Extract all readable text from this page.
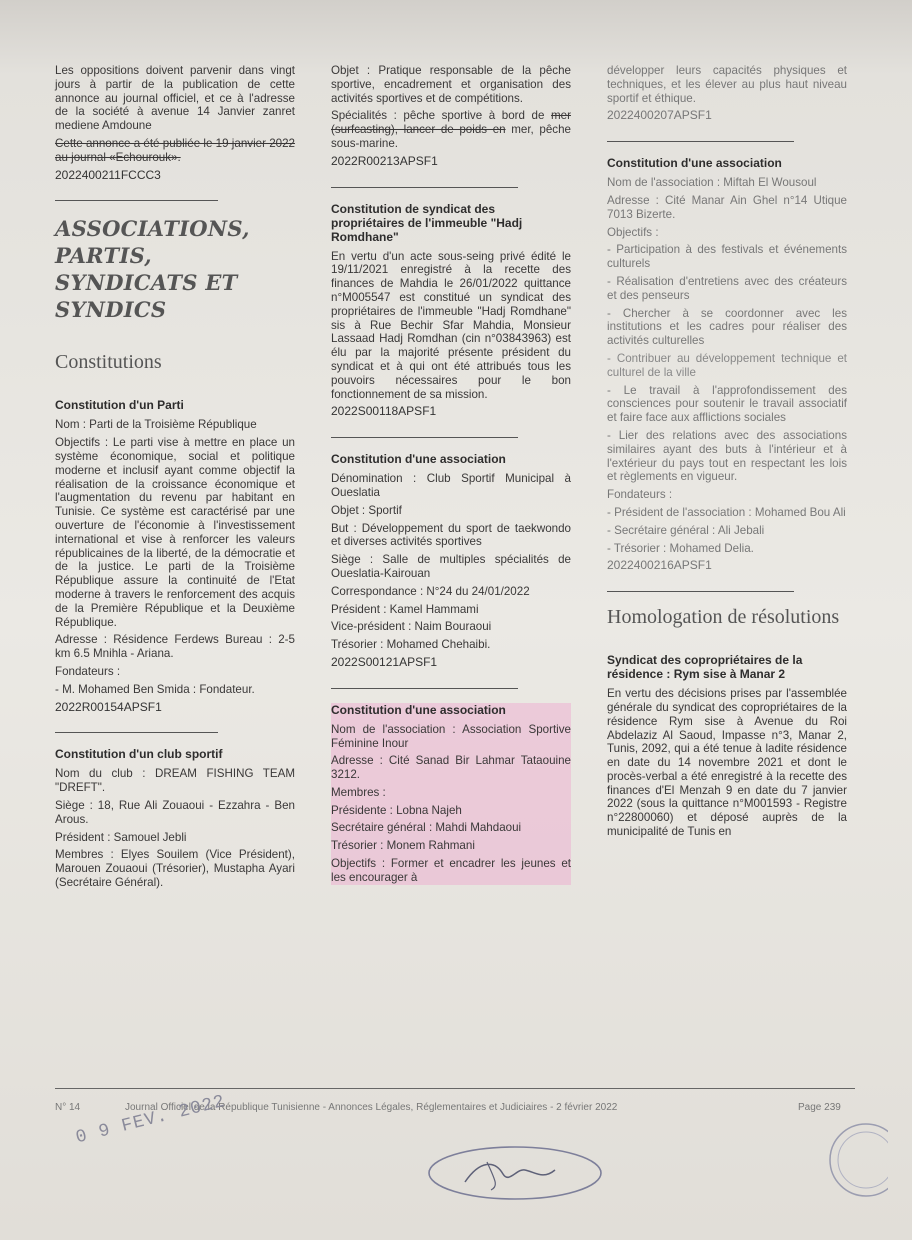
Les oppositions doivent parvenir dans vingt jours à partir de la publication de cette annonce au journal officiel, et ce à l'adresse de la société à avenue 14 Janvier zanret mediene Amdoune

Cette annonce a été publiée le 19 janvier 2022 au journal «Echourouk».

2022400211FCCC3
ASSOCIATIONS, PARTIS, SYNDICATS ET SYNDICS
Constitutions
Constitution d'un Parti

Nom : Parti de la Troisième République

Objectifs : Le parti vise à mettre en place un système économique, social et politique moderne et inclusif ayant comme objectif la réalisation de la croissance économique et l'augmentation du revenu par habitant en Tunisie. Ce système est caractérisé par une ouverture de l'économie à l'investissement international et vise à renforcer les valeurs républicaines de la liberté, de la démocratie et de la justice. Le parti de la Troisième République assure la continuité de l'Etat moderne à travers le renforcement des acquis de la Première République et la Deuxième République.

Adresse : Résidence Ferdews Bureau : 2-5 km 6.5 Mnihla - Ariana.

Fondateurs :

- M. Mohamed Ben Smida : Fondateur.

2022R00154APSF1
Constitution d'un club sportif

Nom du club : DREAM FISHING TEAM "DREFT".

Siège : 18, Rue Ali Zouaoui - Ezzahra - Ben Arous.

Président : Samouel Jebli

Membres : Elyes Souilem (Vice Président), Marouen Zouaoui (Trésorier), Mustapha Ayari (Secrétaire Général).

Objet : Pratique responsable de la pêche sportive, encadrement et organisation des activités sportives et de compétitions.

Spécialités : pêche sportive à bord de mer (surfcasting), lancer de poids en mer, pêche sous-marine.

2022R00213APSF1
Constitution de syndicat des propriétaires de l'immeuble "Hadj Romdhane"

En vertu d'un acte sous-seing privé édité le 19/11/2021 enregistré à la recette des finances de Mahdia le 26/01/2022 quittance n°M005547 est constitué un syndicat des propriétaires de l'immeuble "Hadj Romdhane" sis à Rue Bechir Sfar Mahdia, Monsieur Lassaad Hadj Romdhan (cin n°03843963) est élu par la majorité présente président du syndicat et à qui ont été attribués tous les pouvoirs nécessaires pour le bon fonctionnement de sa mission.

2022S00118APSF1
Constitution d'une association

Dénomination : Club Sportif Municipal à Oueslatia

Objet : Sportif

But : Développement du sport de taekwondo et diverses activités sportives

Siège : Salle de multiples spécialités de Oueslatia-Kairouan

Correspondance : N°24 du 24/01/2022

Président : Kamel Hammami

Vice-président : Naim Bouraoui

Trésorier : Mohamed Chehaibi.

2022S00121APSF1
Constitution d'une association

Nom de l'association : Association Sportive Féminine Inour

Adresse : Cité Sanad Bir Lahmar Tataouine 3212.

Membres :

Présidente : Lobna Najeh

Secrétaire général : Mahdi Mahdaoui

Trésorier : Monem Rahmani

Objectifs : Former et encadrer les jeunes et les encourager à

développer leurs capacités physiques et techniques, et les élever au plus haut niveau sportif et éthique.

2022400207APSF1
Constitution d'une association

Nom de l'association : Miftah El Wousoul

Adresse : Cité Manar Ain Ghel n°14 Utique 7013 Bizerte.

Objectifs :

- Participation à des festivals et événements culturels

- Réalisation d'entretiens avec des créateurs et des penseurs

- Chercher à se coordonner avec les institutions et les cadres pour réaliser des activités culturelles

- Contribuer au développement technique et culturel de la ville

- Le travail à l'approfondissement des consciences pour soutenir le travail associatif et faire face aux afflictions sociales

- Lier des relations avec des associations similaires ayant des buts à l'intérieur et à l'extérieur du pays tout en respectant les lois et règlements en vigueur.

Fondateurs :

- Président de l'association : Mohamed Bou Ali

- Secrétaire général : Ali Jebali

- Trésorier : Mohamed Delia.

2022400216APSF1
Homologation de résolutions
Syndicat des copropriétaires de la résidence : Rym sise à Manar 2

En vertu des décisions prises par l'assemblée générale du syndicat des copropriétaires de la résidence Rym sise à Avenue du Roi Abdelaziz Al Saoud, Impasse n°3, Manar 2, Tunis, 2092, qui a été tenue à ladite résidence en date du 14 novembre 2021 et dont le procès-verbal a été enregistré à la recette des finances d'El Menzah 9 en date du 7 janvier 2022 (sous la quittance n°M001593 - Registre n°22800060) et déposé auprès de la municipalité de Tunis en

N° 14	Journal Officiel de la République Tunisienne - Annonces Légales, Réglementaires et Judiciaires - 2 février 2022	Page 239
0 9 FEV. 2022
